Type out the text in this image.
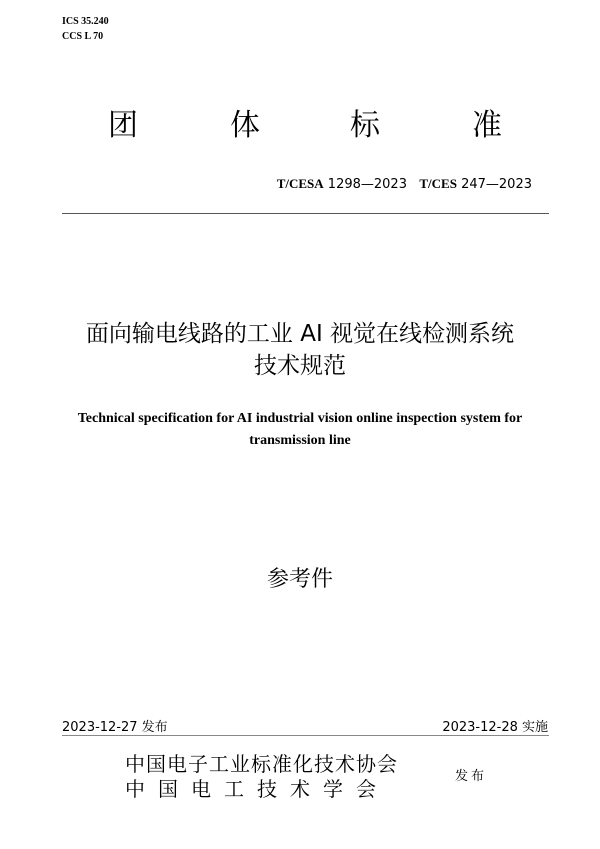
ICS 35.240
CCS L 70
团	体	标	准
T/CESA 1298—2023 T/CES 247—2023
面向输电线路的工业 AI 视觉在线检测系统
技术规范
Technical specification for AI industrial vision online inspection system for
transmission line
参考件
2023-12-27 发布	2023-12-28 实施
中国电子工业标准化技术协会
中国电工技术学会
发布
